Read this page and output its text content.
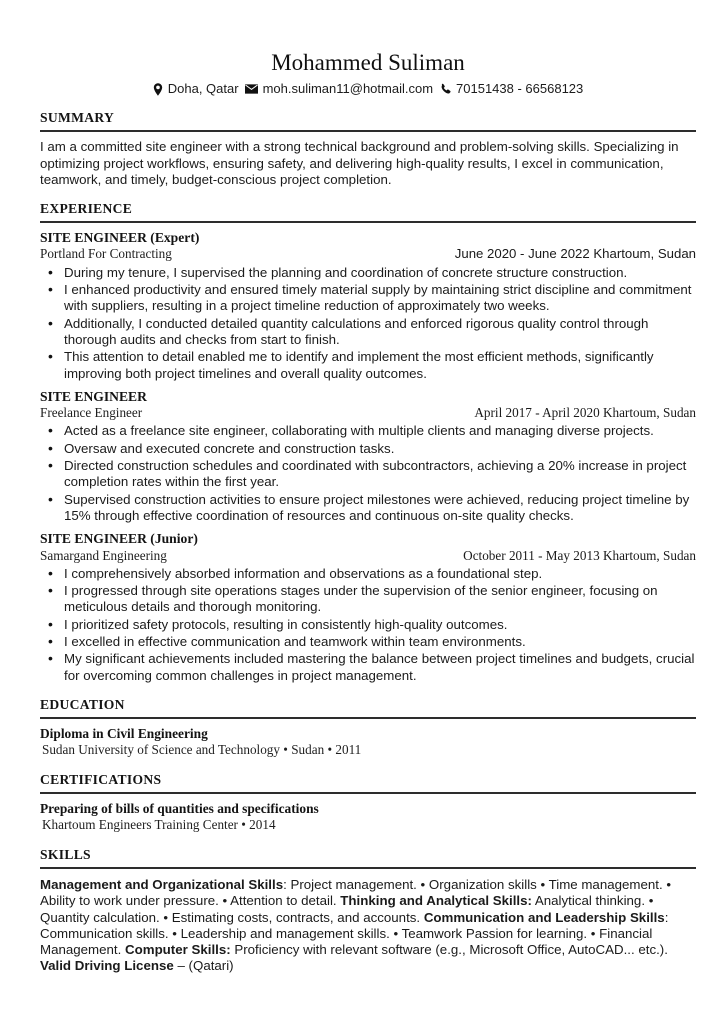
Mohammed Suliman
Doha, Qatar moh.suliman11@hotmail.com 70151438 - 66568123
SUMMARY

I am a committed site engineer with a strong technical background and problem-solving skills. Specializing in optimizing project workflows, ensuring safety, and delivering high-quality results, I excel in communication, teamwork, and timely, budget-conscious project completion.

EXPERIENCE
SITE ENGINEER (Expert)
Portland For Contracting	June 2020 - June 2022 Khartoum, Sudan
• During my tenure, I supervised the planning and coordination of concrete structure construction.
• I enhanced productivity and ensured timely material supply by maintaining strict discipline and commitment with suppliers, resulting in a project timeline reduction of approximately two weeks.
• Additionally, I conducted detailed quantity calculations and enforced rigorous quality control through thorough audits and checks from start to finish.
• This attention to detail enabled me to identify and implement the most efficient methods, significantly improving both project timelines and overall quality outcomes.
SITE ENGINEER
Freelance Engineer	April 2017 - April 2020 Khartoum, Sudan
• Acted as a freelance site engineer, collaborating with multiple clients and managing diverse projects.
• Oversaw and executed concrete and construction tasks.
• Directed construction schedules and coordinated with subcontractors, achieving a 20% increase in project completion rates within the first year.
• Supervised construction activities to ensure project milestones were achieved, reducing project timeline by 15% through effective coordination of resources and continuous on-site quality checks.
SITE ENGINEER (Junior)
Samargand Engineering	October 2011 - May 2013 Khartoum, Sudan
• I comprehensively absorbed information and observations as a foundational step.
• I progressed through site operations stages under the supervision of the senior engineer, focusing on meticulous details and thorough monitoring.
• I prioritized safety protocols, resulting in consistently high-quality outcomes.
• I excelled in effective communication and teamwork within team environments.
• My significant achievements included mastering the balance between project timelines and budgets, crucial for overcoming common challenges in project management.
EDUCATION
Diploma in Civil Engineering
Sudan University of Science and Technology • Sudan • 2011
CERTIFICATIONS
Preparing of bills of quantities and specifications
Khartoum Engineers Training Center • 2014
SKILLS

Management and Organizational Skills: Project management. • Organization skills • Time management. • Ability to work under pressure. • Attention to detail. Thinking and Analytical Skills: Analytical thinking. • Quantity calculation. • Estimating costs, contracts, and accounts. Communication and Leadership Skills: Communication skills. • Leadership and management skills. • Teamwork Passion for learning. • Financial Management. Computer Skills: Proficiency with relevant software (e.g., Microsoft Office, AutoCAD... etc.).

Valid Driving License – (Qatari)
